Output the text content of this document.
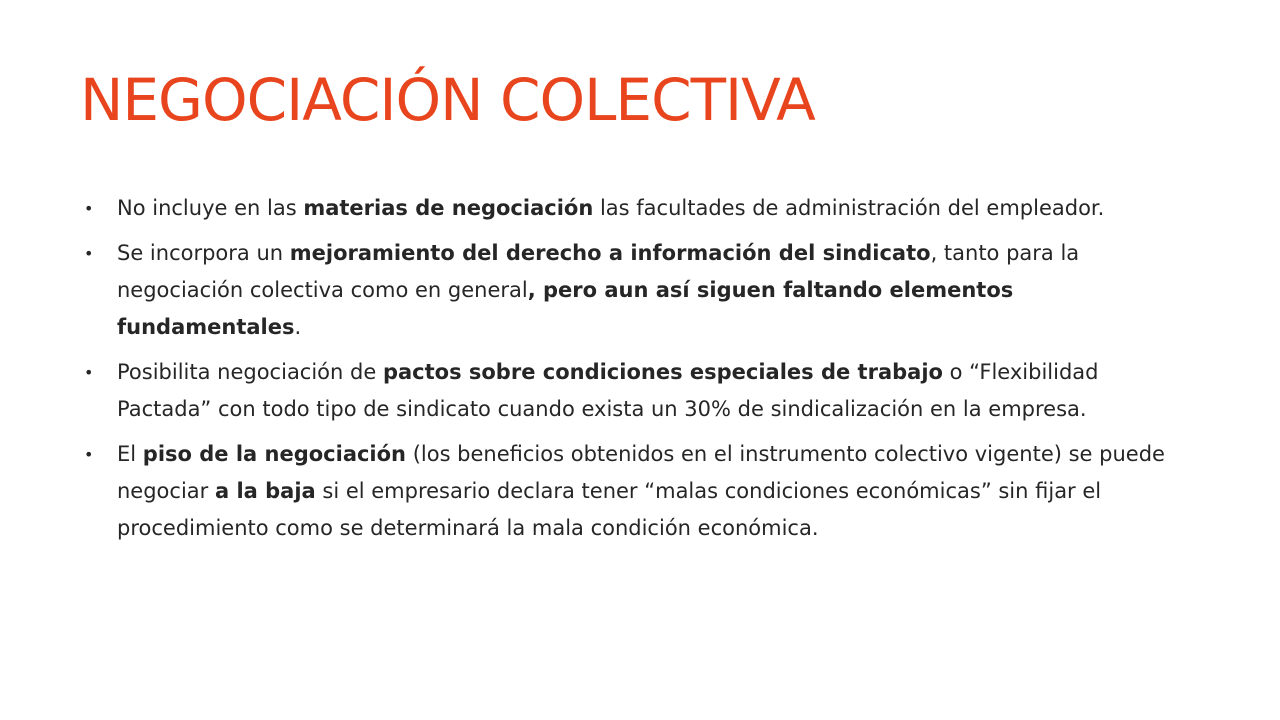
NEGOCIACIÓN COLECTIVA
• No incluye en las materias de negociación las facultades de administración del empleador.
• Se incorpora un mejoramiento del derecho a información del sindicato, tanto para la negociación colectiva como en general, pero aun así siguen faltando elementos fundamentales.
• Posibilita negociación de pactos sobre condiciones especiales de trabajo o “Flexibilidad Pactada” con todo tipo de sindicato cuando exista un 30% de sindicalización en la empresa.
• El piso de la negociación (los beneficios obtenidos en el instrumento colectivo vigente) se puede negociar a la baja si el empresario declara tener “malas condiciones económicas” sin fijar el procedimiento como se determinará la mala condición económica.
